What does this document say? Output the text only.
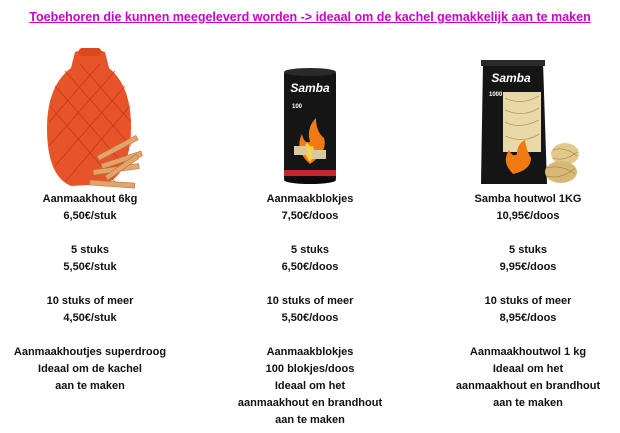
Toebehoren die kunnen meegeleverd worden -> ideaal om de kachel gemakkelijk aan te maken
Aanmaakhout 6kg
6,50€/stuk
5 stuks
5,50€/stuk
10 stuks of meer
4,50€/stuk
Aanmaakhoutjes superdroog
Ideaal om de kachel
aan te maken
Samba
100
Aanmaakblokjes
7,50€/doos
5 stuks
6,50€/doos
10 stuks of meer
5,50€/doos
Aanmaakblokjes
100 blokjes/doos
Ideaal om het
aanmaakhout en brandhout
aan te maken
Samba
1000
Samba houtwol 1KG
10,95€/doos
5 stuks
9,95€/doos
10 stuks of meer
8,95€/doos
Aanmaakhoutwol 1 kg
Ideaal om het
aanmaakhout en brandhout
aan te maken
